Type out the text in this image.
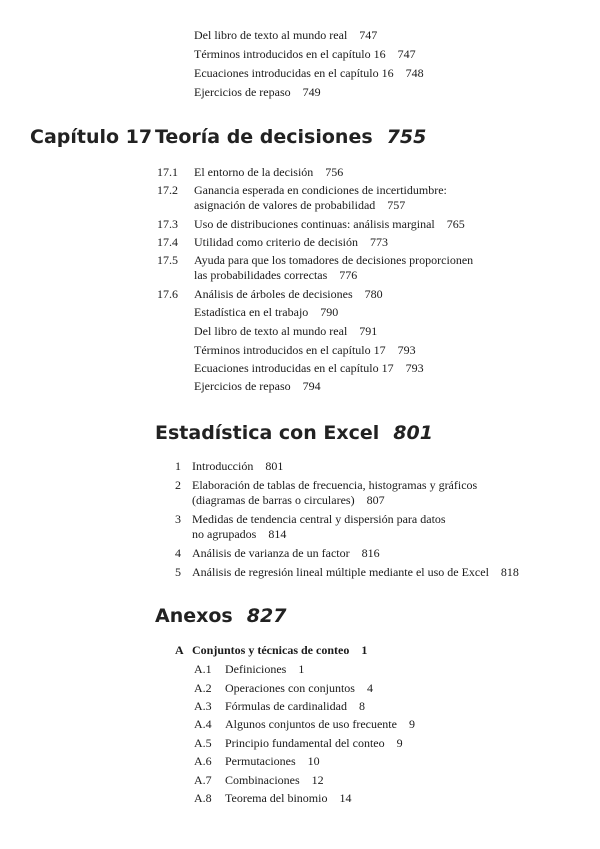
Del libro de texto al mundo real 747
Términos introducidos en el capítulo 16 747
Ecuaciones introducidas en el capítulo 16 748
Ejercicios de repaso 749
Capítulo 17 Teoría de decisiones 755
17.1 El entorno de la decisión 756
17.2 Ganancia esperada en condiciones de incertidumbre:
asignación de valores de probabilidad 757
17.3 Uso de distribuciones continuas: análisis marginal 765
17.4 Utilidad como criterio de decisión 773
17.5 Ayuda para que los tomadores de decisiones proporcionen
las probabilidades correctas 776
17.6 Análisis de árboles de decisiones 780
Estadística en el trabajo 790
Del libro de texto al mundo real 791
Términos introducidos en el capítulo 17 793
Ecuaciones introducidas en el capítulo 17 793
Ejercicios de repaso 794
Estadística con Excel 801
1 Introducción 801
2 Elaboración de tablas de frecuencia, histogramas y gráficos
(diagramas de barras o circulares) 807
3 Medidas de tendencia central y dispersión para datos
no agrupados 814
4 Análisis de varianza de un factor 816
5 Análisis de regresión lineal múltiple mediante el uso de Excel 818
Anexos 827
A Conjuntos y técnicas de conteo 1
A.1 Definiciones 1
A.2 Operaciones con conjuntos 4
A.3 Fórmulas de cardinalidad 8
A.4 Algunos conjuntos de uso frecuente 9
A.5 Principio fundamental del conteo 9
A.6 Permutaciones 10
A.7 Combinaciones 12
A.8 Teorema del binomio 14
